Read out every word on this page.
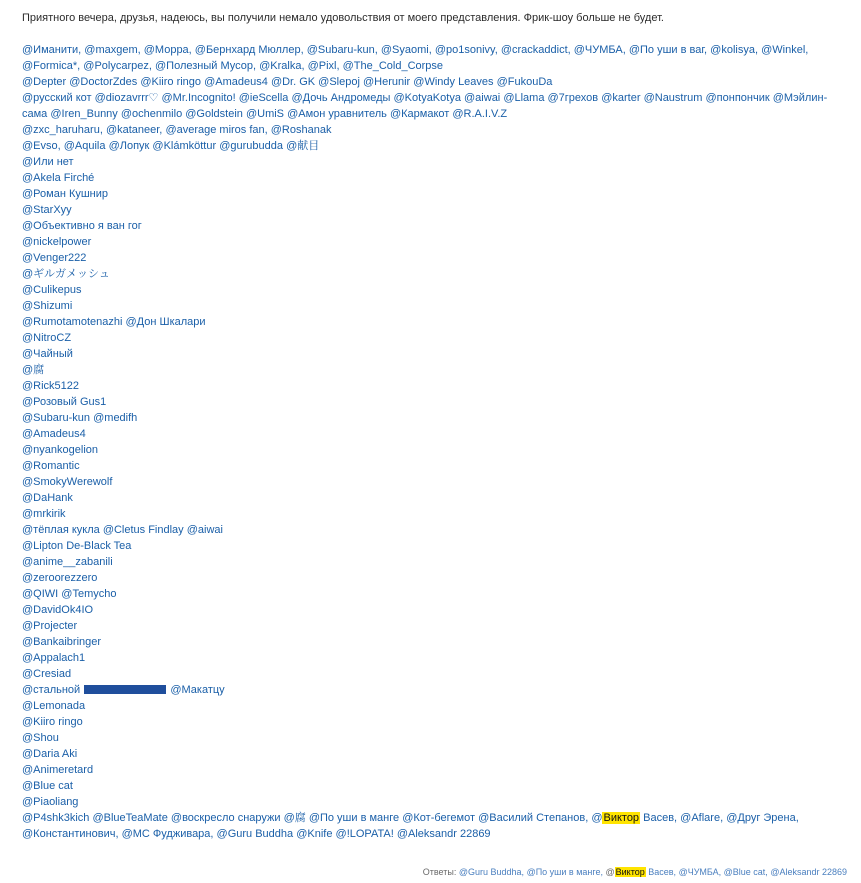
Приятного вечера, друзья, надеюсь, вы получили немало удовольствия от моего представления. Фрик-шоу больше не будет.
@Иманити, @maxgem, @Моppa, @Бернхард Мюллер, @Subaru-kun, @Syaomi, @po1sonivy, @crackaddict, @ЧУМБА, @По уши в ваг, @kolisya, @Winkel, @Formica*, @Polycarpez, @Полезный Мусор, @Kralka, @Pixl, @The_Cold_Corpse
@Depter @DoctorZdes @Kiiro ringo @Amadeus4 @Dr. GK @Slepoj @Herunir @Windy Leaves @FukouDa
@русский кот @diozavrrr♡ @Mr.Incognito! @ieScella @Дочь Андромеды @KotyaKotya @aiwai @Llama @7грехов @karter @Naustrum @понпончик @Мэйлин-сама @Iren_Bunny @ochenmilo @Goldstein @UmiS @Амон уравнитель @Кармакот @R.A.I.V.Z
@zxc_haruharu, @kataneer, @average miros fan, @Roshanak
@Evso, @Aquila @Лопук @Klámköttur @gurubudda @献目
@Или нет
@Akela Firché
@Роман Кушнир
@StarXyy
@Объективно я ван гог
@nickelpower
@Venger222
@ギルガメッシュ
@Culikepus
@Shizumi
@Rumotamotenazhi @Дон Шкалари
@NitroCZ
@Чайный
@腐
@Rick5122
@Розовый Gus1
@Subaru-kun @medifh
@Amadeus4
@nyankogelion
@Romantic
@SmokyWerewolf
@DaHank
@mrkirik
@тёплая кукла @Cletus Findlay @aiwai
@Lipton De-Black Tea
@anime__zabanili
@zeroorezzero
@QIWI @Temycho
@DavidOk4IO
@Projecter
@Bankaibringer
@Appalach1
@Cresiad
@стальной	@Макатцу
@Lemonada
@Kiiro ringo
@Shou
@Daria Aki
@Animeretard
@Blue cat
@Piaoliang
@P4shk3kich @BlueTeaMate @воскресло снаружи @腐 @По уши в манге @Кот-бегемот @Василий Степанов, @Виктор Васев, @Aflare, @Друг Эрена, @Константинович, @MC Фудживара, @Guru Buddha @Knife @!LOPATA! @Aleksandr 22869
Ответы: @Guru Buddha, @По уши в манге, @Виктор Васев, @ЧУМБА, @Blue cat, @Aleksandr 22869
